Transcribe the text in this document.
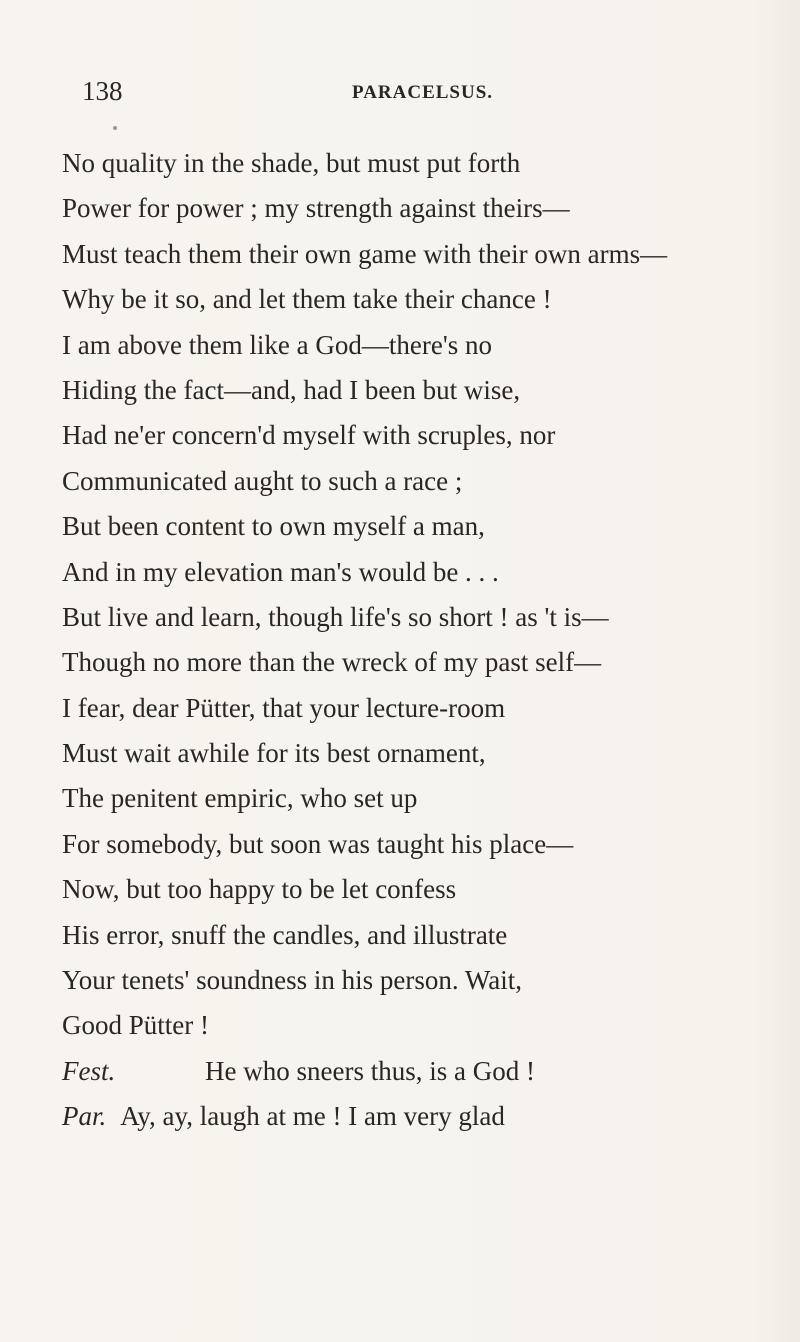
138	PARACELSUS.
No quality in the shade, but must put forth
Power for power ; my strength against theirs—
Must teach them their own game with their own arms—
Why be it so, and let them take their chance !
I am above them like a God—there's no
Hiding the fact—and, had I been but wise,
Had ne'er concern'd myself with scruples, nor
Communicated aught to such a race ;
But been content to own myself a man,
And in my elevation man's would be . . .
But live and learn, though life's so short ! as 't is—
Though no more than the wreck of my past self—
I fear, dear Pütter, that your lecture-room
Must wait awhile for its best ornament,
The penitent empiric, who set up
For somebody, but soon was taught his place—
Now, but too happy to be let confess
His error, snuff the candles, and illustrate
Your tenets' soundness in his person. Wait,
Good Pütter !
Fest.	He who sneers thus, is a God !
Par. Ay, ay, laugh at me ! I am very glad
